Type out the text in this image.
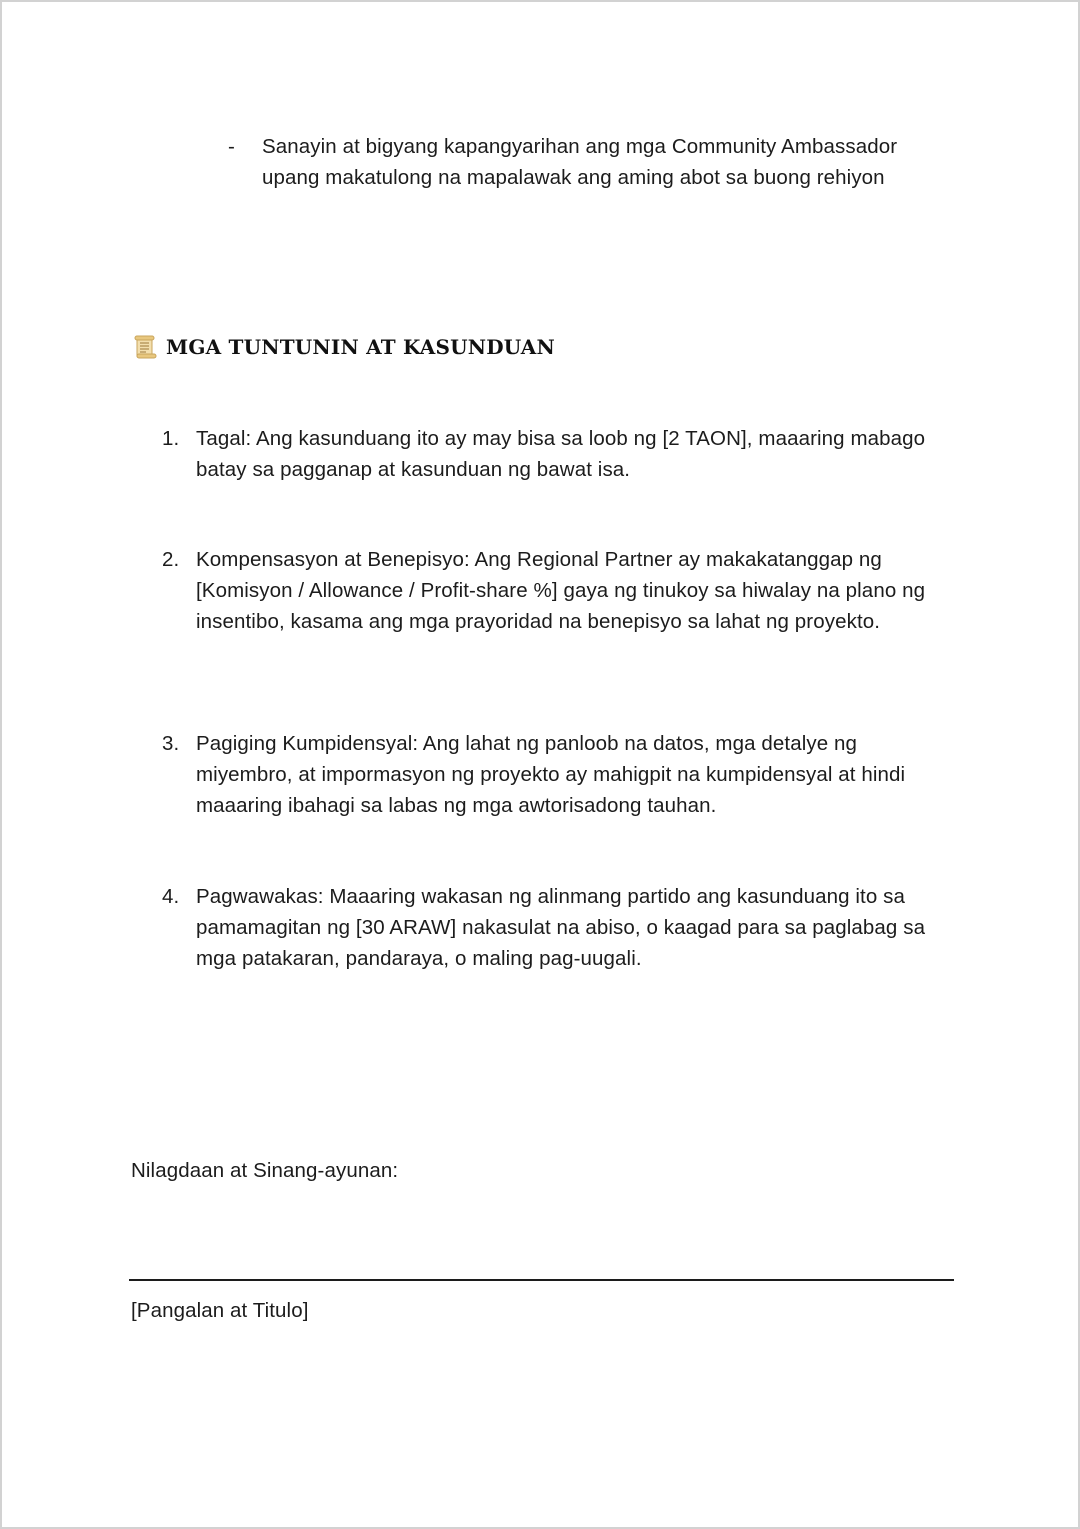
- Sanayin at bigyang kapangyarihan ang mga Community Ambassador upang makatulong na mapalawak ang aming abot sa buong rehiyon
MGA TUNTUNIN AT KASUNDUAN
1. Tagal: Ang kasunduang ito ay may bisa sa loob ng [2 TAON], maaaring mabago batay sa pagganap at kasunduan ng bawat isa.
2. Kompensasyon at Benepisyo: Ang Regional Partner ay makakatanggap ng [Komisyon / Allowance / Profit-share %] gaya ng tinukoy sa hiwalay na plano ng insentibo, kasama ang mga prayoridad na benepisyo sa lahat ng proyekto.
3. Pagiging Kumpidensyal: Ang lahat ng panloob na datos, mga detalye ng miyembro, at impormasyon ng proyekto ay mahigpit na kumpidensyal at hindi maaaring ibahagi sa labas ng mga awtorisadong tauhan.
4. Pagwawakas: Maaaring wakasan ng alinmang partido ang kasunduang ito sa pamamagitan ng [30 ARAW] nakasulat na abiso, o kaagad para sa paglabag sa mga patakaran, pandaraya, o maling pag-uugali.
Nilagdaan at Sinang-ayunan:
[Pangalan at Titulo]
